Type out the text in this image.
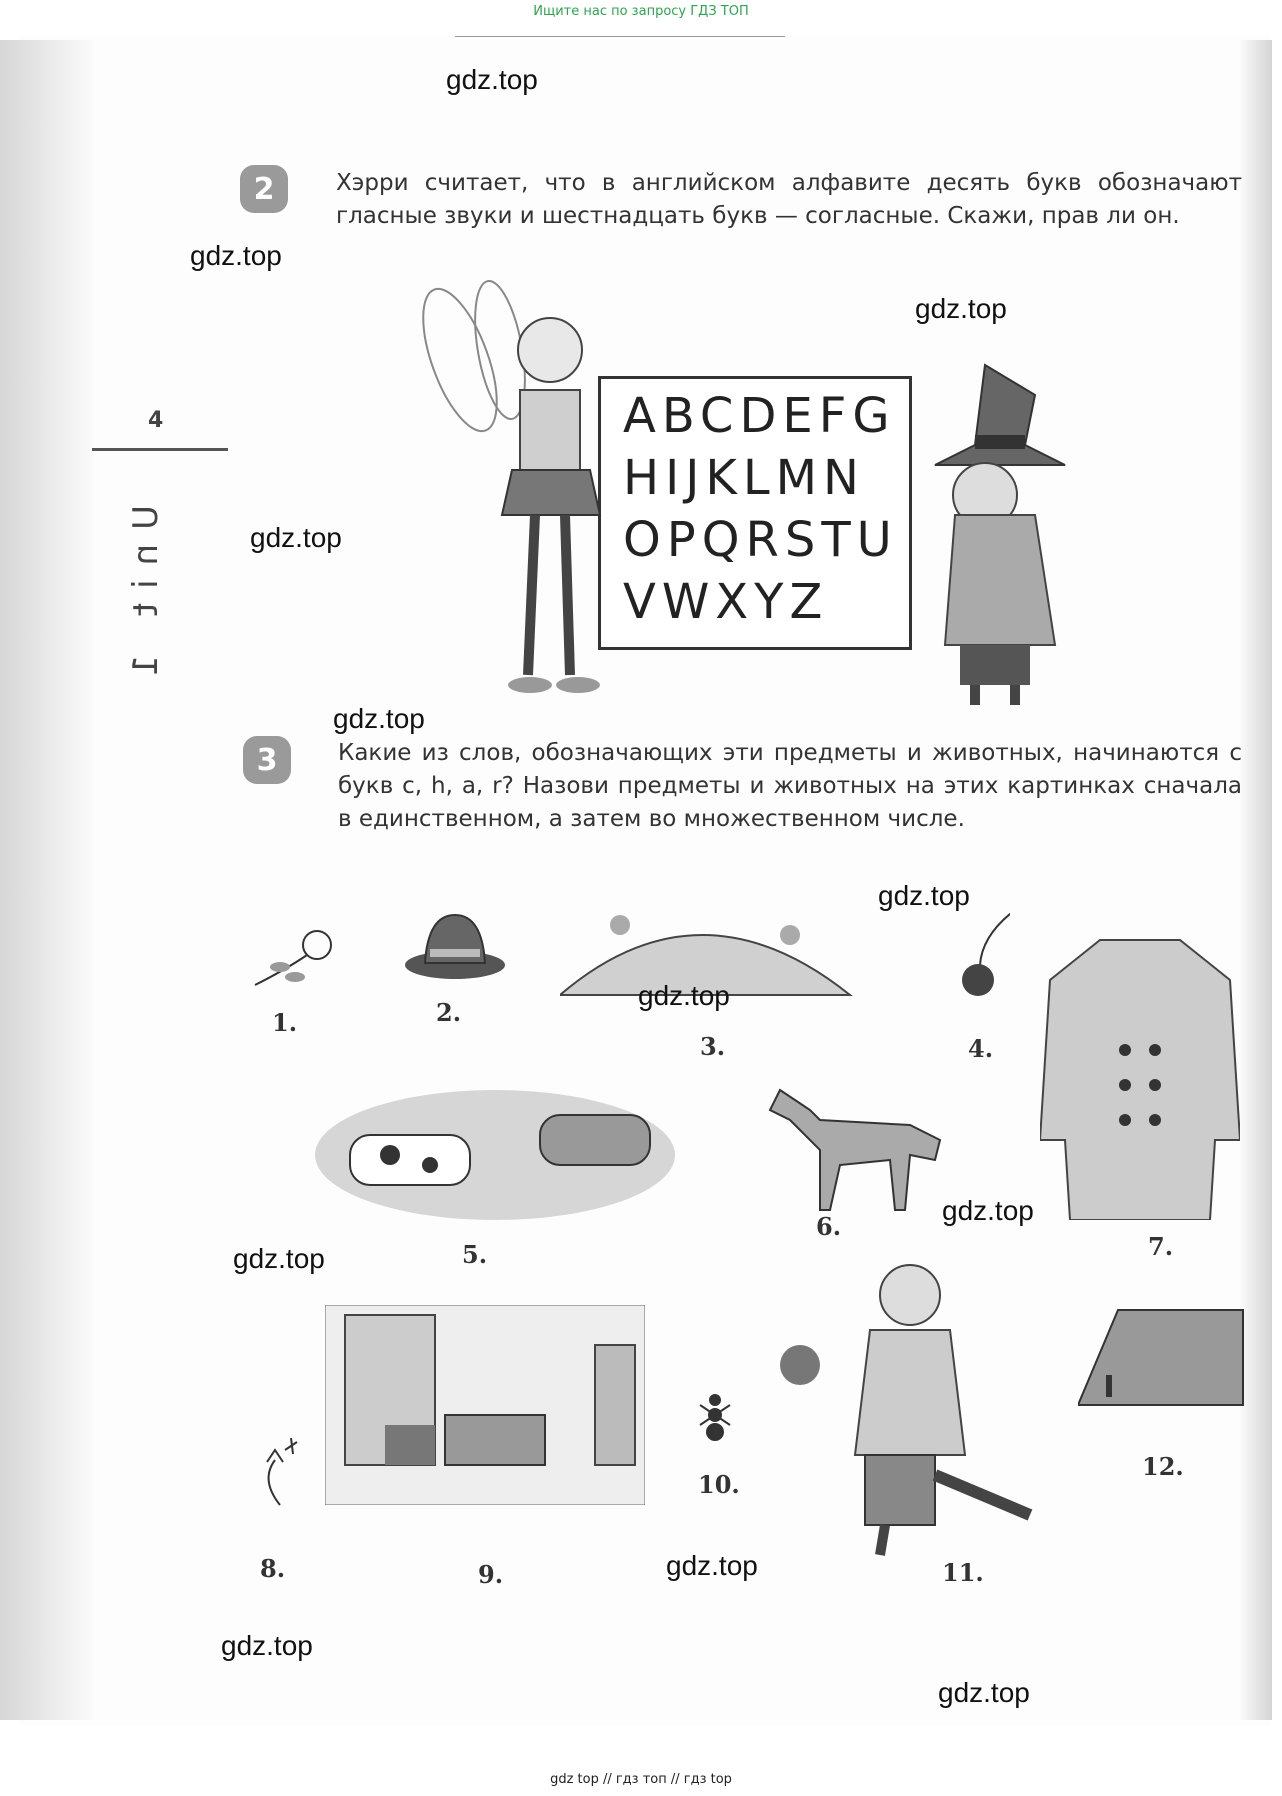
Ищите нас по запросу ГДЗ ТОП
4
Unit 1
2	Хэрри считает, что в английском алфавите десять букв обозначают гласные звуки и шестнадцать букв — согласные. Скажи, прав ли он.
ABCDEFG
HIJKLMN
OPQRSTU
VWXYZ
3	Какие из слов, обозначающих эти предметы и животных, начинаются с букв c, h, a, r? Назови предметы и животных на этих картинках сначала в единственном, а затем во множественном числе.
1.	2.
3.	4.
5.
6.
7.
8.	9.
10.
11.
12.
gdz.top
gdz.top
gdz.top
gdz.top
gdz.top
gdz.top
gdz.top
gdz.top
gdz.top
gdz.top
gdz.top
gdz.top
gdz top // гдз топ // гдз top
